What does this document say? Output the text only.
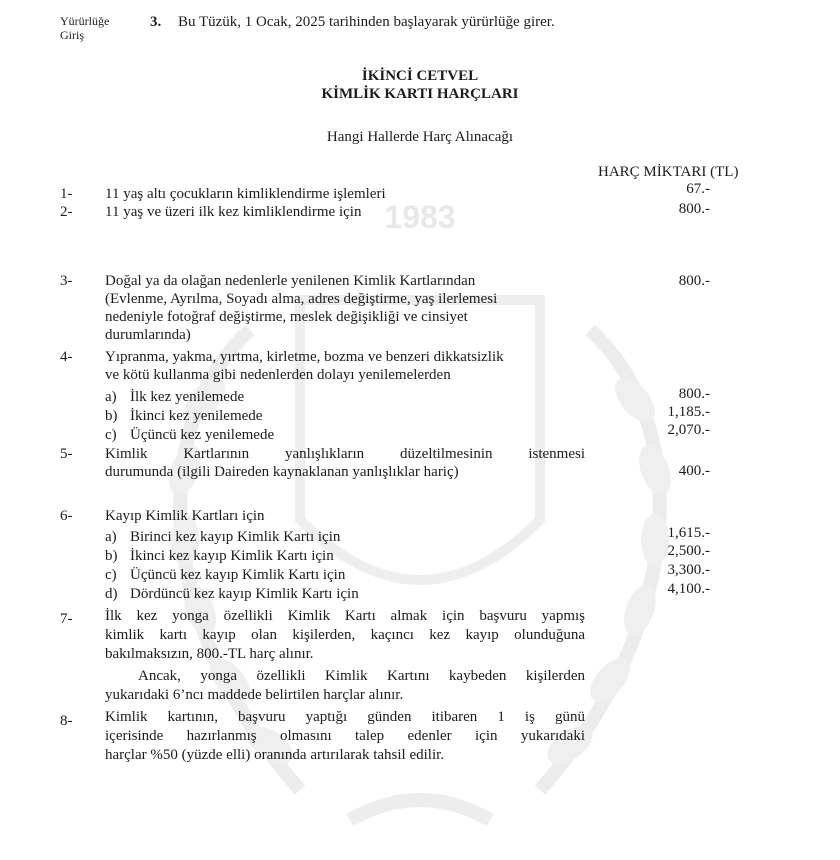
1983
Yürürlüğe
Giriş
3. Bu Tüzük, 1 Ocak, 2025 tarihinden başlayarak yürürlüğe girer.
İKİNCİ CETVEL
KİMLİK KARTI HARÇLARI
Hangi Hallerde Harç Alınacağı
HARÇ MİKTARI (TL)
1- 11 yaş altı çocukların kimliklendirme işlemleri	67.-
2- 11 yaş ve üzeri ilk kez kimliklendirme için	800.-
3- Doğal ya da olağan nedenlerle yenilenen Kimlik Kartlarından
(Evlenme, Ayrılma, Soyadı alma, adres değiştirme, yaş ilerlemesi
nedeniyle fotoğraf değiştirme, meslek değişikliği ve cinsiyet
durumlarında)
800.-
4- Yıpranma, yakma, yırtma, kirletme, bozma ve benzeri dikkatsizlik
ve kötü kullanma gibi nedenlerden dolayı yenilemelerden
a) İlk kez yenilemede	800.-
b) İkinci kez yenilemede	1,185.-
c) Üçüncü kez yenilemede	2,070.-
5- Kimlik Kartlarının yanlışlıkların düzeltilmesinin istenmesi
durumunda (ilgili Daireden kaynaklanan yanlışlıklar hariç)	400.-
6- Kayıp Kimlik Kartları için
a) Birinci kez kayıp Kimlik Kartı için	1,615.-
b) İkinci kez kayıp Kimlik Kartı için	2,500.-
c) Üçüncü kez kayıp Kimlik Kartı için	3,300.-
d) Dördüncü kez kayıp Kimlik Kartı için	4,100.-
7- İlk kez yonga özellikli Kimlik Kartı almak için başvuru yapmış
kimlik kartı kayıp olan kişilerden, kaçıncı kez kayıp olunduğuna
bakılmaksızın, 800.-TL harç alınır.
Ancak, yonga özellikli Kimlik Kartını kaybeden kişilerden
yukarıdaki 6’ncı maddede belirtilen harçlar alınır.
8- Kimlik kartının, başvuru yaptığı günden itibaren 1 iş günü
içerisinde hazırlanmış olmasını talep edenler için yukarıdaki
harçlar %50 (yüzde elli) oranında artırılarak tahsil edilir.
